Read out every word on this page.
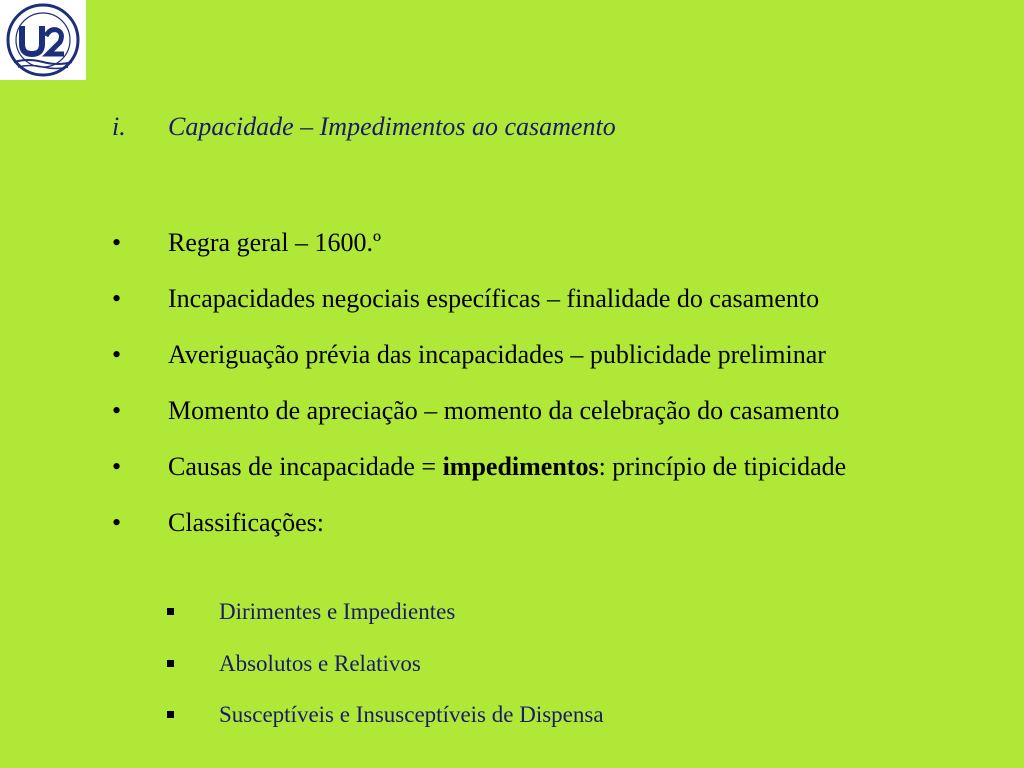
i. Capacidade – Impedimentos ao casamento
• Regra geral – 1600.º
• Incapacidades negociais específicas – finalidade do casamento
• Averiguação prévia das incapacidades – publicidade preliminar
• Momento de apreciação – momento da celebração do casamento
• Causas de incapacidade = impedimentos: princípio de tipicidade
• Classificações:
Dirimentes e Impedientes
Absolutos e Relativos
Susceptíveis e Insusceptíveis de Dispensa
